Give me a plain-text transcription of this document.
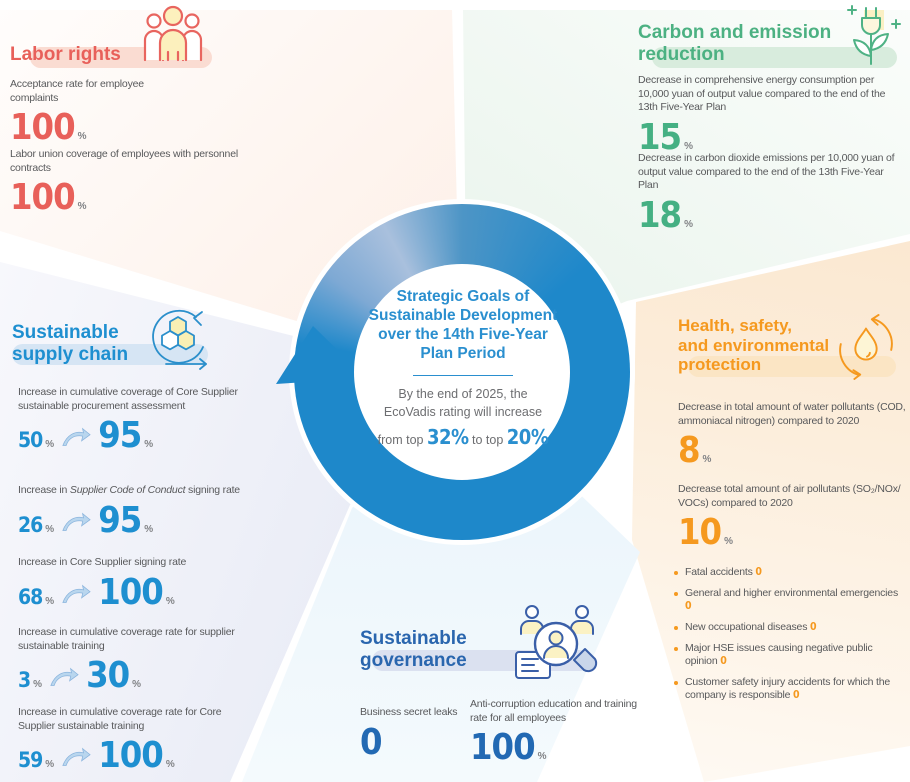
Strategic Goals of
Sustainable Development
over the 14th Five-Year
Plan Period
By the end of 2025, the
EcoVadis rating will increase
from top 32% to top 20%
Labor rights
Acceptance rate for employee complaints
100 %
Labor union coverage of employees with personnel contracts
100 %
Carbon and emission
reduction
Decrease in comprehensive energy consumption per 10,000 yuan of output value compared to the end of the 13th Five-Year Plan
15 %
Decrease in carbon dioxide emissions per 10,000 yuan of output value compared to the end of the 13th Five-Year Plan
18 %
Sustainable
supply chain
Increase in cumulative coverage of Core Supplier sustainable procurement assessment
50 % 95 %
Increase in Supplier Code of Conduct signing rate
26 % 95 %
Increase in Core Supplier signing rate
68 % 100 %
Increase in cumulative coverage rate for supplier sustainable training
3 % 30 %
Increase in cumulative coverage rate for Core Supplier sustainable training
59 % 100 %
Health, safety,
and environmental
protection
Decrease in total amount of water pollutants (COD, ammoniacal nitrogen) compared to 2020
8 %
Decrease total amount of air pollutants (SO₂/NOx/ VOCs) compared to 2020
10 %
Fatal accidents 0
General and higher environmental emergencies 0
New occupational diseases 0
Major HSE issues causing negative public opinion 0
Customer safety injury accidents for which the company is responsible 0
Sustainable
governance
Business secret leaks
0
Anti-corruption education and training rate for all employees
100 %
